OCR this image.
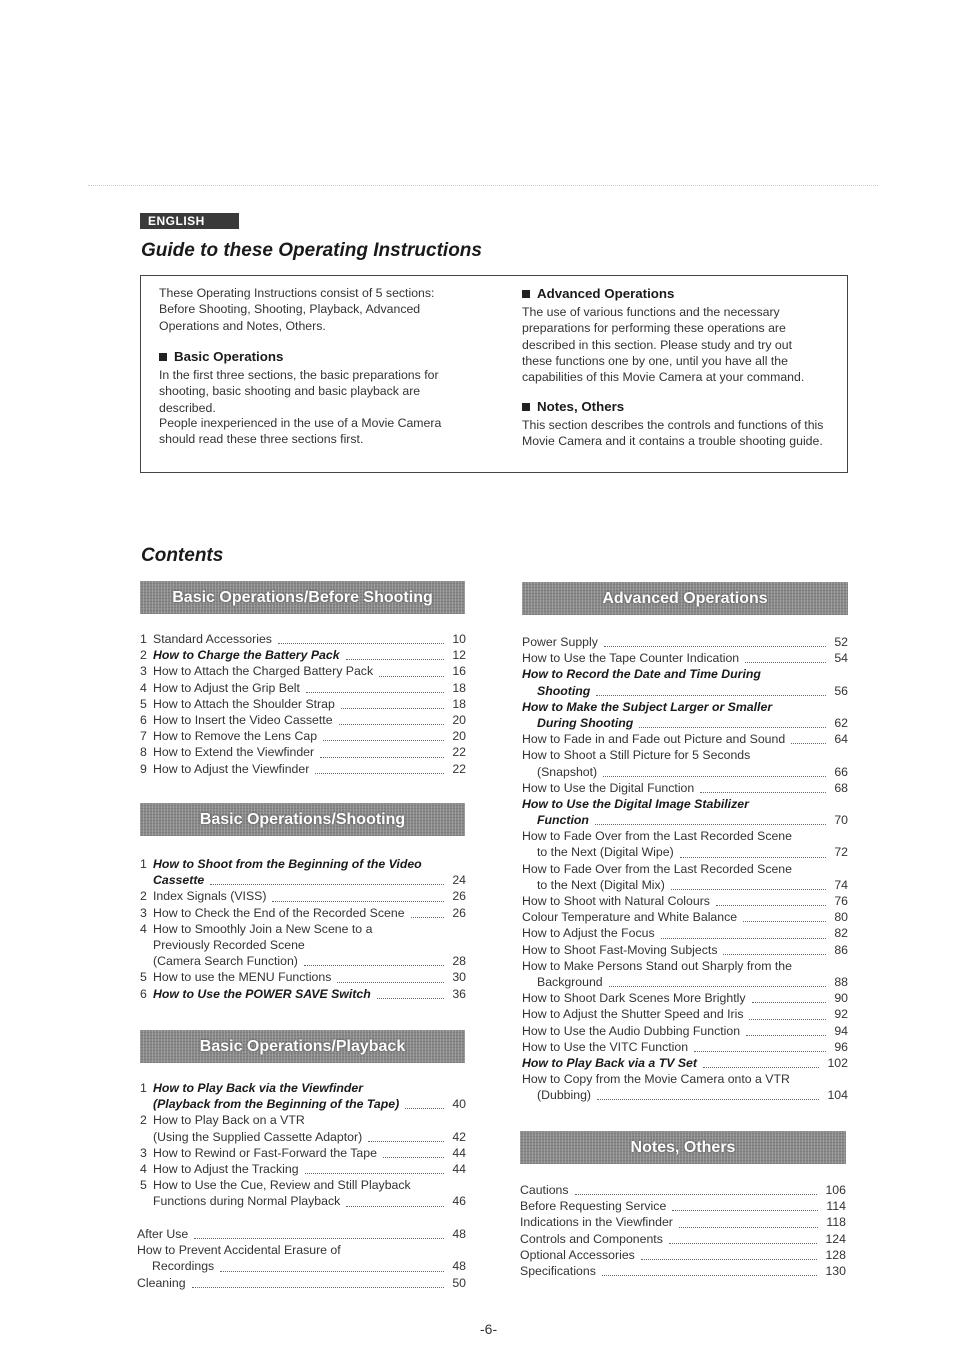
ENGLISH
Guide to these Operating Instructions
These Operating Instructions consist of 5 sections: Before Shooting, Shooting, Playback, Advanced Operations and Notes, Others.
Basic Operations
In the first three sections, the basic preparations for shooting, basic shooting and basic playback are described.
People inexperienced in the use of a Movie Camera should read these three sections first.
Advanced Operations
The use of various functions and the necessary preparations for performing these operations are described in this section. Please study and try out these functions one by one, until you have all the capabilities of this Movie Camera at your command.
Notes, Others
This section describes the controls and functions of this Movie Camera and it contains a trouble shooting guide.
Contents
Basic Operations/Before Shooting
1 Standard Accessories	10
2 How to Charge the Battery Pack	12
3 How to Attach the Charged Battery Pack	16
4 How to Adjust the Grip Belt	18
5 How to Attach the Shoulder Strap	18
6 How to Insert the Video Cassette	20
7 How to Remove the Lens Cap	20
8 How to Extend the Viewfinder	22
9 How to Adjust the Viewfinder	22
Basic Operations/Shooting
1 How to Shoot from the Beginning of the Video
Cassette	24
2 Index Signals (VISS)	26
3 How to Check the End of the Recorded Scene	26
4 How to Smoothly Join a New Scene to a
Previously Recorded Scene
(Camera Search Function)	28
5 How to use the MENU Functions	30
6 How to Use the POWER SAVE Switch	36
Basic Operations/Playback
1 How to Play Back via the Viewfinder
(Playback from the Beginning of the Tape)	40
2 How to Play Back on a VTR
(Using the Supplied Cassette Adaptor)	42
3 How to Rewind or Fast-Forward the Tape	44
4 How to Adjust the Tracking	44
5 How to Use the Cue, Review and Still Playback
Functions during Normal Playback	46
After Use	48
How to Prevent Accidental Erasure of
Recordings	48
Cleaning	50
Advanced Operations
Power Supply	52
How to Use the Tape Counter Indication	54
How to Record the Date and Time During
Shooting	56
How to Make the Subject Larger or Smaller
During Shooting	62
How to Fade in and Fade out Picture and Sound	64
How to Shoot a Still Picture for 5 Seconds
(Snapshot)	66
How to Use the Digital Function	68
How to Use the Digital Image Stabilizer
Function	70
How to Fade Over from the Last Recorded Scene
to the Next (Digital Wipe)	72
How to Fade Over from the Last Recorded Scene
to the Next (Digital Mix)	74
How to Shoot with Natural Colours	76
Colour Temperature and White Balance	80
How to Adjust the Focus	82
How to Shoot Fast-Moving Subjects	86
How to Make Persons Stand out Sharply from the
Background	88
How to Shoot Dark Scenes More Brightly	90
How to Adjust the Shutter Speed and Iris	92
How to Use the Audio Dubbing Function	94
How to Use the VITC Function	96
How to Play Back via a TV Set	102
How to Copy from the Movie Camera onto a VTR
(Dubbing)	104
Notes, Others
Cautions	106
Before Requesting Service	114
Indications in the Viewfinder	118
Controls and Components	124
Optional Accessories	128
Specifications	130
-6-
